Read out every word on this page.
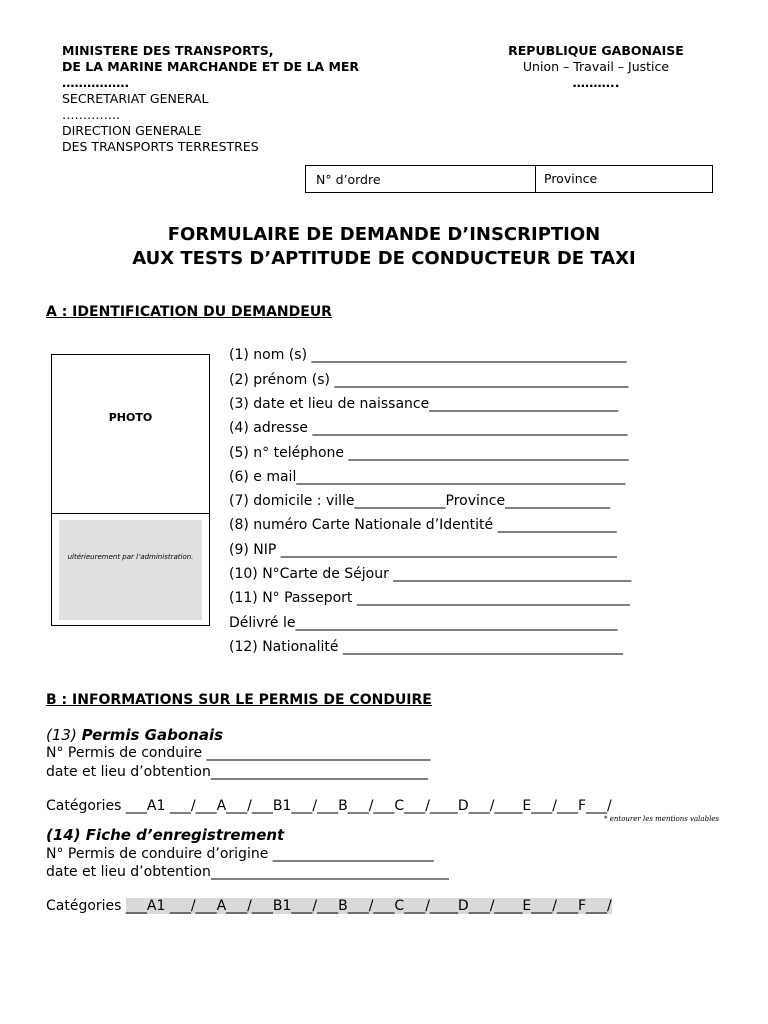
MINISTERE DES TRANSPORTS,
DE LA MARINE MARCHANDE ET DE LA MER
…………….
SECRETARIAT GENERAL
…………..
DIRECTION GENERALE
DES TRANSPORTS TERRESTRES
REPUBLIQUE GABONAISE
Union – Travail – Justice
………..
N° d’ordre	Province
FORMULAIRE DE DEMANDE D’INSCRIPTION
AUX TESTS D’APTITUDE DE CONDUCTEUR DE TAXI
A : IDENTIFICATION DU DEMANDEUR
PHOTO
ultérieurement par l’administration.
(1) nom (s) _____________________________________________
(2) prénom (s) __________________________________________
(3) date et lieu de naissance___________________________
(4) adresse _____________________________________________
(5) n° teléphone ________________________________________
(6) e mail_______________________________________________
(7) domicile : ville_____________Province_______________
(8) numéro Carte Nationale d’Identité _________________
(9) NIP ________________________________________________
(10) N°Carte de Séjour __________________________________
(11) N° Passeport _______________________________________
Délivré le______________________________________________
(12) Nationalité ________________________________________
B : INFORMATIONS SUR LE PERMIS DE CONDUIRE
(13) Permis Gabonais
N° Permis de conduire ________________________________
date et lieu d’obtention_______________________________
Catégories ___A1 ___/___A___/___B1___/___B___/___C___/____D___/____E___/___F___/
* entourer les mentions valables
(14) Fiche d’enregistrement
N° Permis de conduire d’origine _______________________
date et lieu d’obtention__________________________________
Catégories ___A1 ___/___A___/___B1___/___B___/___C___/____D___/____E___/___F___/
